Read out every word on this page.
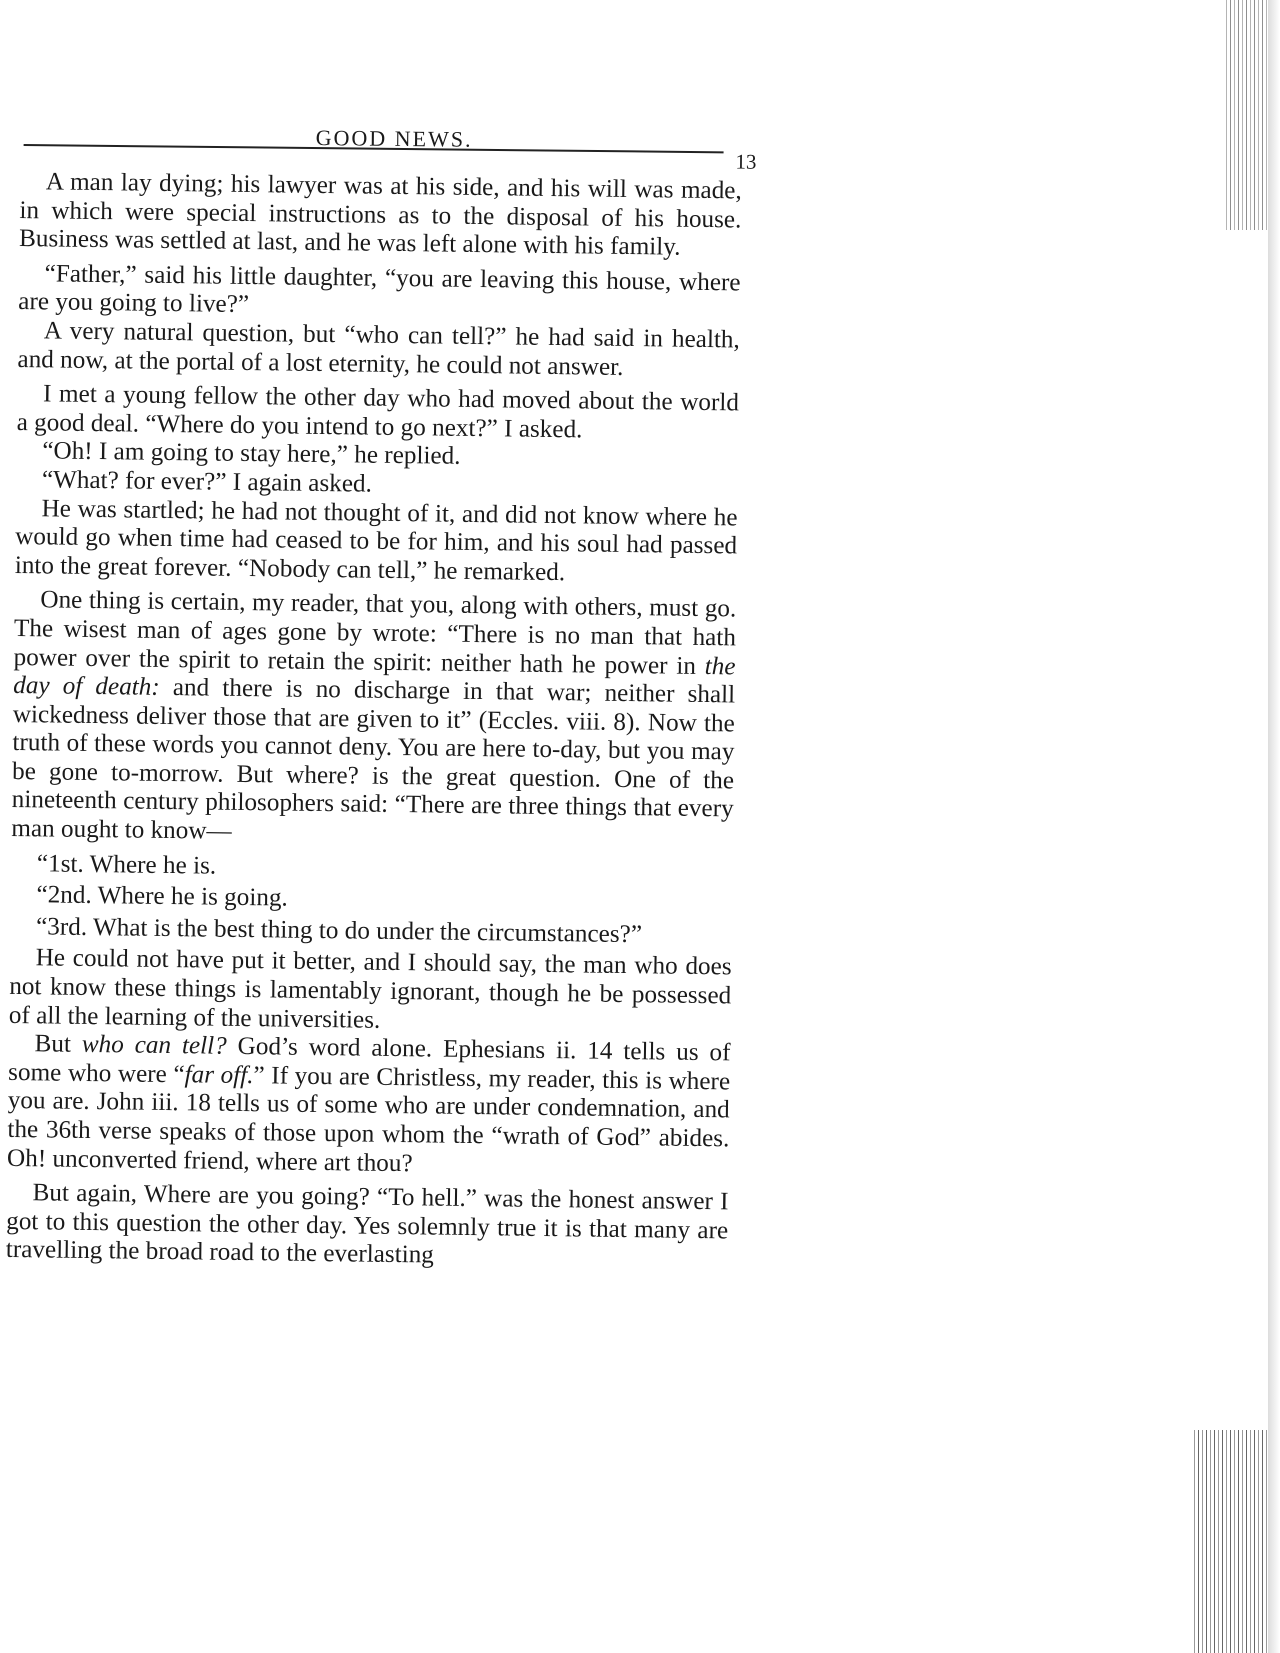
GOOD NEWS.
13

A man lay dying; his lawyer was at his side, and his will was made, in which were special instructions as to the disposal of his house. Business was settled at last, and he was left alone with his family.

“Father,” said his little daughter, “you are leaving this house, where are you going to live?”

A very natural question, but “who can tell?” he had said in health, and now, at the portal of a lost eternity, he could not answer.

I met a young fellow the other day who had moved about the world a good deal. “Where do you intend to go next?” I asked.

“Oh! I am going to stay here,” he replied.

“What? for ever?” I again asked.

He was startled; he had not thought of it, and did not know where he would go when time had ceased to be for him, and his soul had passed into the great forever. “Nobody can tell,” he remarked.

One thing is certain, my reader, that you, along with others, must go. The wisest man of ages gone by wrote: “There is no man that hath power over the spirit to retain the spirit: neither hath he power in the day of death: and there is no discharge in that war; neither shall wickedness deliver those that are given to it” (Eccles. viii. 8). Now the truth of these words you cannot deny. You are here to-day, but you may be gone to-morrow. But where? is the great question. One of the nineteenth century philosophers said: “There are three things that every man ought to know—

“1st. Where he is.

“2nd. Where he is going.

“3rd. What is the best thing to do under the circumstances?”

He could not have put it better, and I should say, the man who does not know these things is lamentably ignorant, though he be possessed of all the learning of the universities.

But who can tell? God’s word alone. Ephesians ii. 14 tells us of some who were “far off.” If you are Christless, my reader, this is where you are. John iii. 18 tells us of some who are under condemnation, and the 36th verse speaks of those upon whom the “wrath of God” abides. Oh! unconverted friend, where art thou?

But again, Where are you going? “To hell.” was the honest answer I got to this question the other day. Yes solemnly true it is that many are travelling the broad road to the everlasting
